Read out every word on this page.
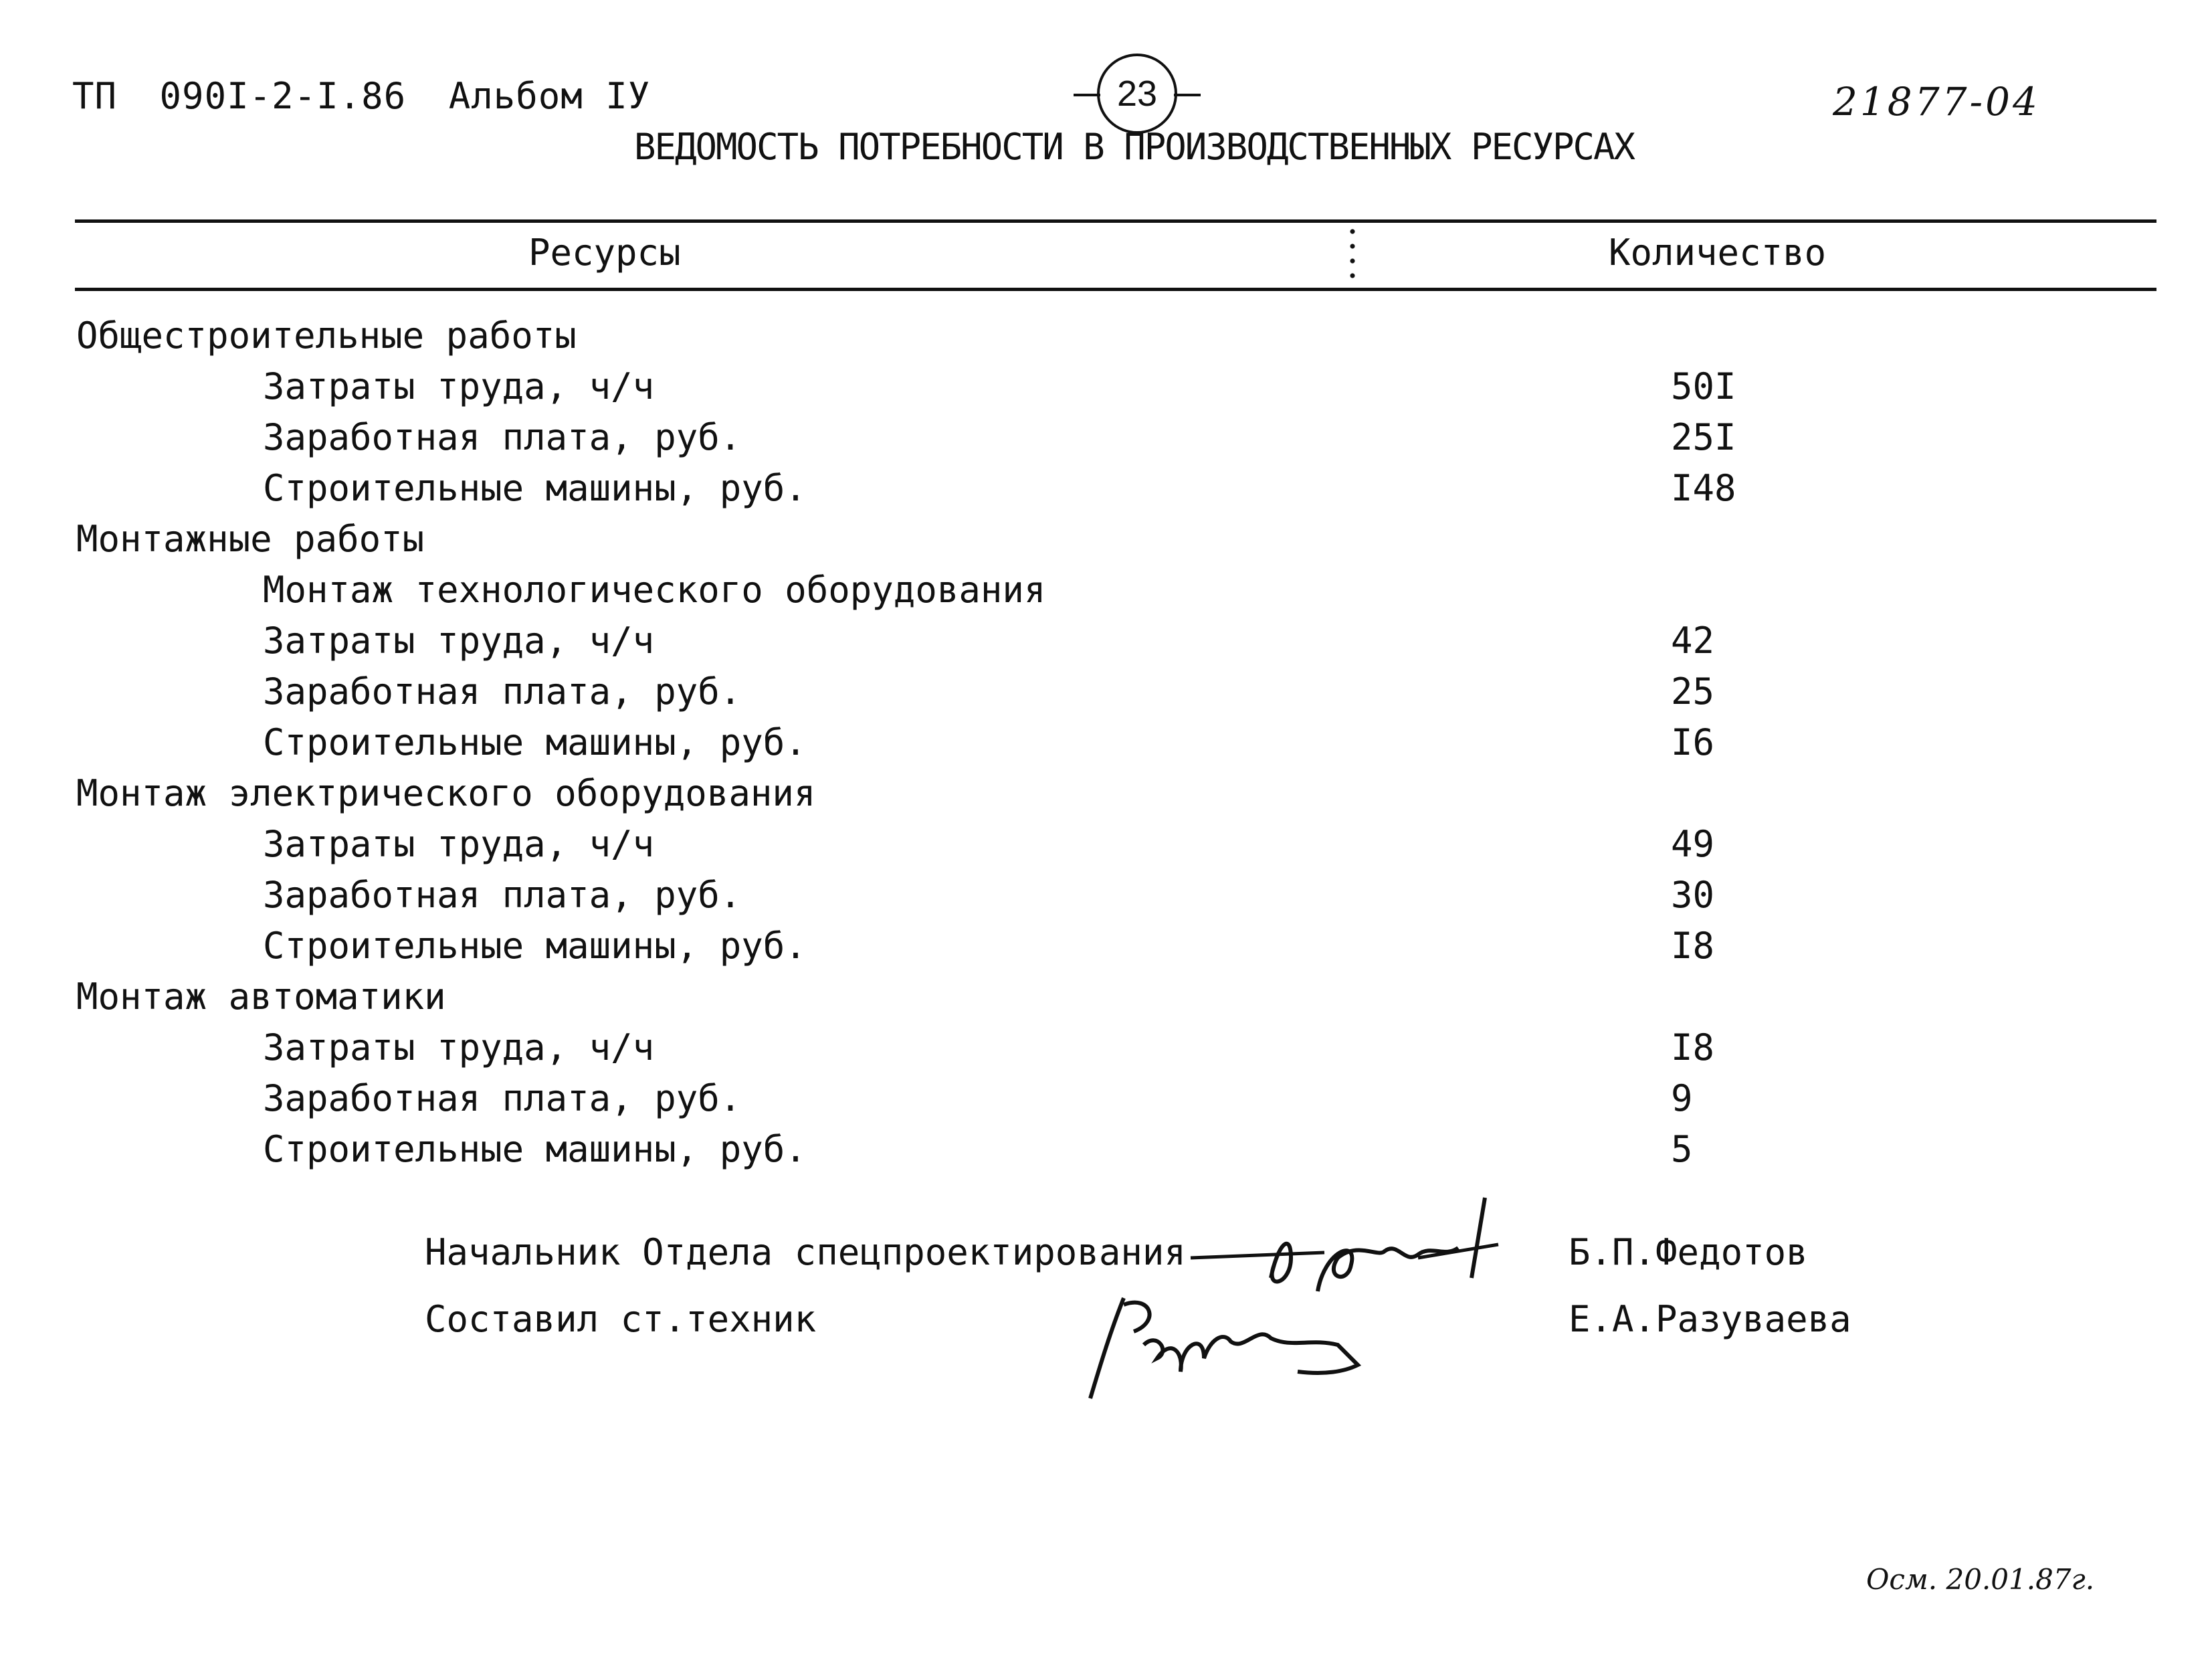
ТП 090I-2-I.86 Альбом IУ	23	21877-04
ВЕДОМОСТЬ ПОТРЕБНОСТИ В ПРОИЗВОДСТВЕННЫХ РЕСУРСАХ
Ресурсы	Количество
Общестроительные работы
Затраты труда, ч/ч	50I
Заработная плата, руб.	25I
Строительные машины, руб.	I48
Монтажные работы
Монтаж технологического оборудования
Затраты труда, ч/ч	42
Заработная плата, руб.	25
Строительные машины, руб.	I6
Монтаж электрического оборудования
Затраты труда, ч/ч	49
Заработная плата, руб.	30
Строительные машины, руб.	I8
Монтаж автоматики
Затраты труда, ч/ч	I8
Заработная плата, руб.	9
Строительные машины, руб.	5
Начальник Отдела спецпроектирования	Б.П.Федотов
Составил ст.техник	Е.А.Разуваева
Осм. 20.01.87г.
